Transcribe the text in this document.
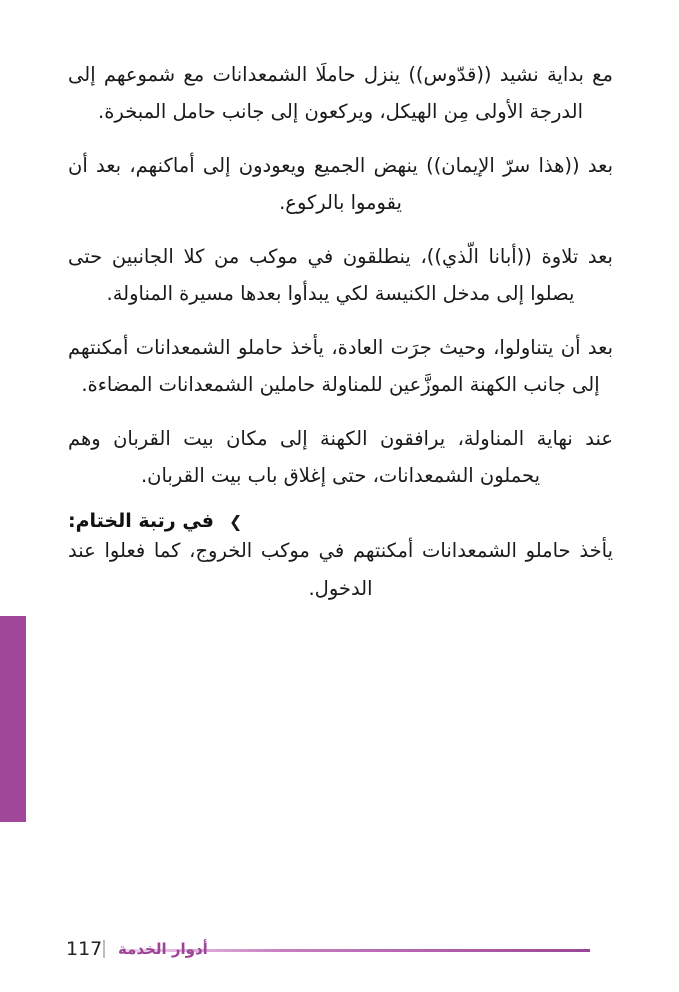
مع بداية نشيد ((قدّوس)) ينزل حاملَا الشمعدانات مع شموعهم إلى الدرجة الأولى مِن الهيكل، ويركعون إلى جانب حامل المبخرة.

بعد ((هذا سرّ الإيمان)) ينهض الجميع ويعودون إلى أماكنهم، بعد أن يقوموا بالركوع.

بعد تلاوة ((أبانا الّذي))، ينطلقون في موكب من كلا الجانبين حتى يصلوا إلى مدخل الكنيسة لكي يبدأوا بعدها مسيرة المناولة.

بعد أن يتناولوا، وحيث جرَت العادة، يأخذ حاملو الشمعدانات أمكنتهم إلى جانب الكهنة الموزَّعين للمناولة حاملين الشمعدانات المضاءة.

عند نهاية المناولة، يرافقون الكهنة إلى مكان بيت القربان وهم يحملون الشمعدانات، حتى إغلاق باب بيت القربان.

❯
في رتبة الختام:

يأخذ حاملو الشمعدانات أمكنتهم في موكب الخروج، كما فعلوا عند الدخول.

117 أدوار الخدمة
